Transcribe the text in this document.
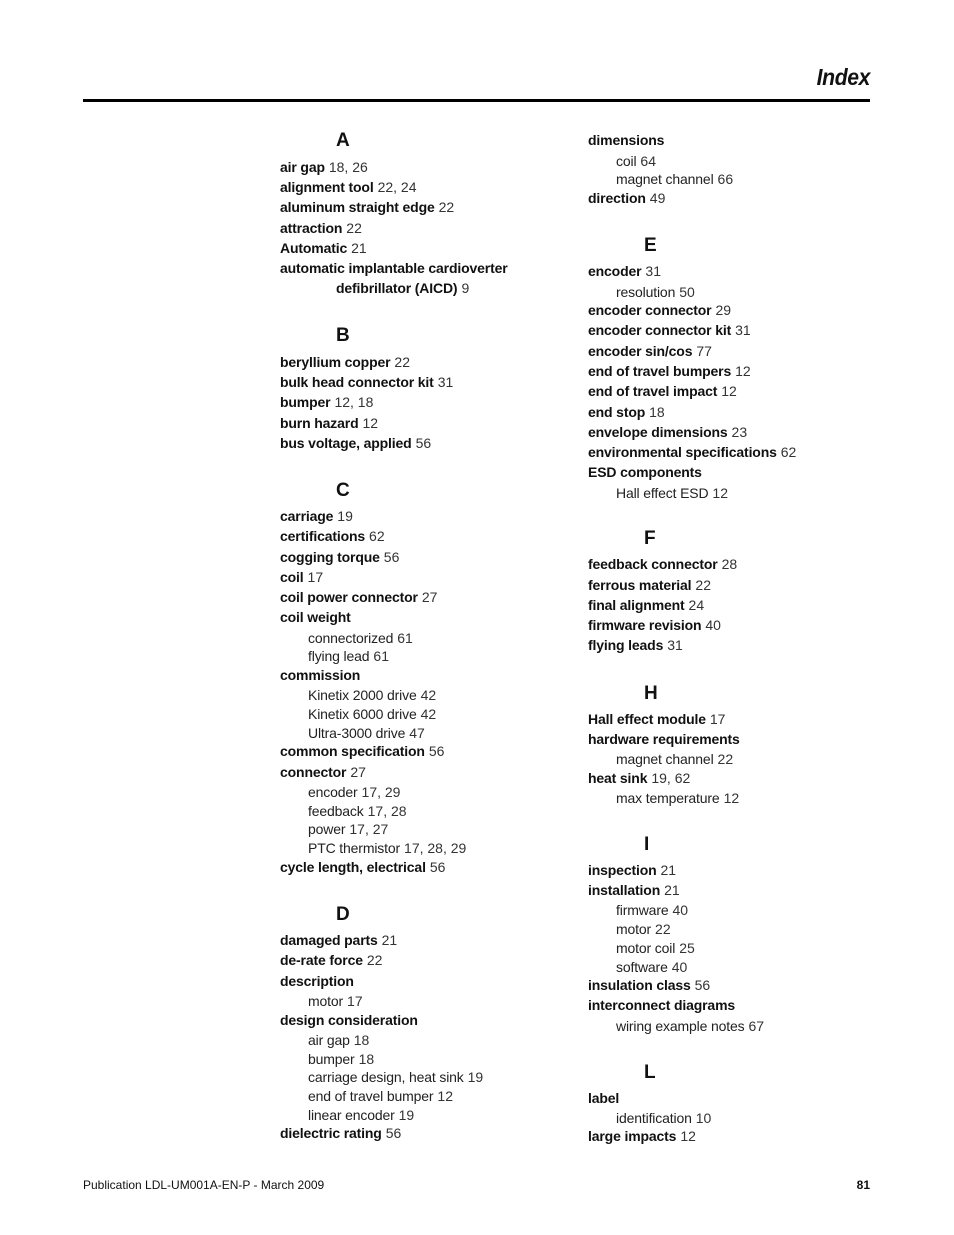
Index
A
air gap 18, 26
alignment tool 22, 24
aluminum straight edge 22
attraction 22
Automatic 21
automatic implantable cardioverter
defibrillator (AICD) 9
B
beryllium copper 22
bulk head connector kit 31
bumper 12, 18
burn hazard 12
bus voltage, applied 56
C
carriage 19
certifications 62
cogging torque 56
coil 17
coil power connector 27
coil weight
connectorized 61
flying lead 61
commission
Kinetix 2000 drive 42
Kinetix 6000 drive 42
Ultra-3000 drive 47
common specification 56
connector 27
encoder 17, 29
feedback 17, 28
power 17, 27
PTC thermistor 17, 28, 29
cycle length, electrical 56
D
damaged parts 21
de-rate force 22
description
motor 17
design consideration
air gap 18
bumper 18
carriage design, heat sink 19
end of travel bumper 12
linear encoder 19
dielectric rating 56
dimensions
coil 64
magnet channel 66
direction 49
E
encoder 31
resolution 50
encoder connector 29
encoder connector kit 31
encoder sin/cos 77
end of travel bumpers 12
end of travel impact 12
end stop 18
envelope dimensions 23
environmental specifications 62
ESD components
Hall effect ESD 12
F
feedback connector 28
ferrous material 22
final alignment 24
firmware revision 40
flying leads 31
H
Hall effect module 17
hardware requirements
magnet channel 22
heat sink 19, 62
max temperature 12
I
inspection 21
installation 21
firmware 40
motor 22
motor coil 25
software 40
insulation class 56
interconnect diagrams
wiring example notes 67
L
label
identification 10
large impacts 12
Publication LDL-UM001A-EN-P - March 2009	81
